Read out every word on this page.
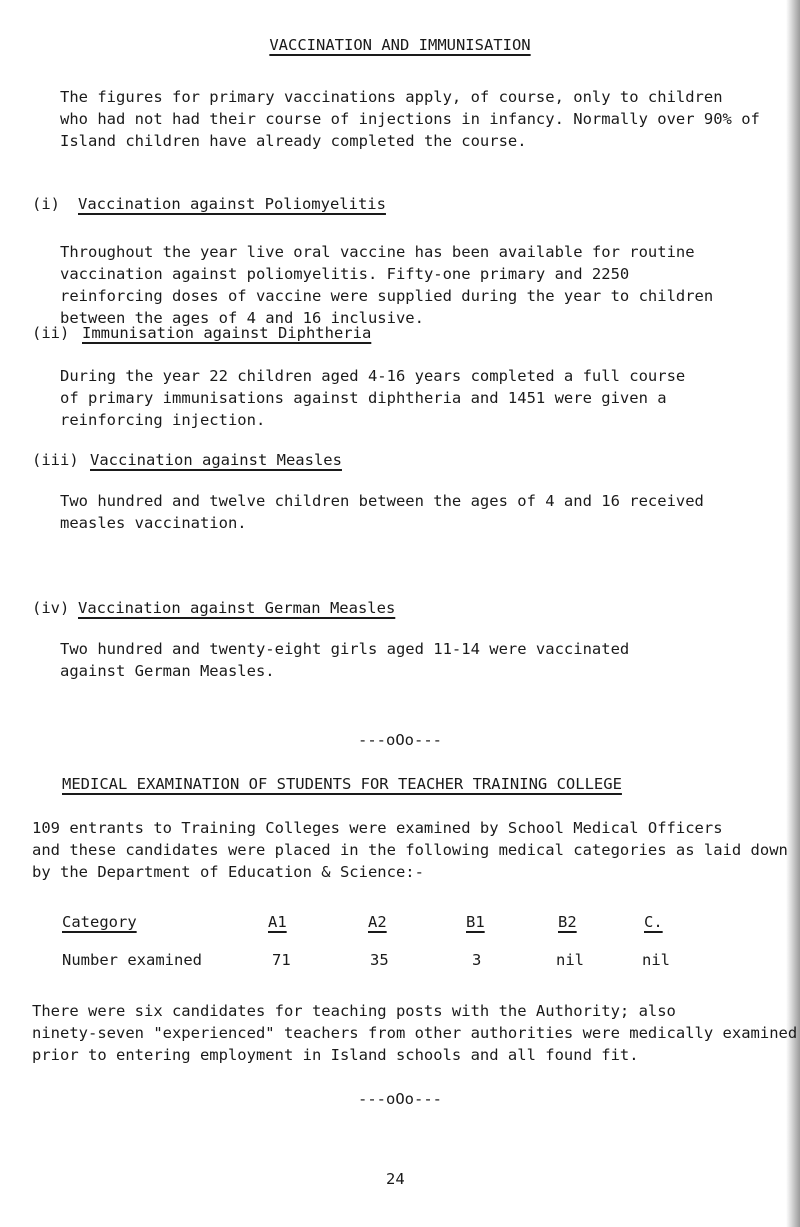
VACCINATION AND IMMUNISATION
The figures for primary vaccinations apply, of course, only to children
who had not had their course of injections in infancy. Normally over 90% of
Island children have already completed the course.
(i) Vaccination against Poliomyelitis
Throughout the year live oral vaccine has been available for routine
vaccination against poliomyelitis. Fifty-one primary and 2250
reinforcing doses of vaccine were supplied during the year to children
between the ages of 4 and 16 inclusive.
(ii) Immunisation against Diphtheria
During the year 22 children aged 4-16 years completed a full course
of primary immunisations against diphtheria and 1451 were given a
reinforcing injection.
(iii) Vaccination against Measles
Two hundred and twelve children between the ages of 4 and 16 received
measles vaccination.
(iv) Vaccination against German Measles
Two hundred and twenty-eight girls aged 11-14 were vaccinated
against German Measles.
---oOo---
MEDICAL EXAMINATION OF STUDENTS FOR TEACHER TRAINING COLLEGE
109 entrants to Training Colleges were examined by School Medical Officers
and these candidates were placed in the following medical categories as laid down
by the Department of Education & Science:-
Category	A1	A2	B1	B2	C.
Number examined	71	35	3	nil	nil
There were six candidates for teaching posts with the Authority; also
ninety-seven "experienced" teachers from other authorities were medically examined
prior to entering employment in Island schools and all found fit.
---oOo---
24
